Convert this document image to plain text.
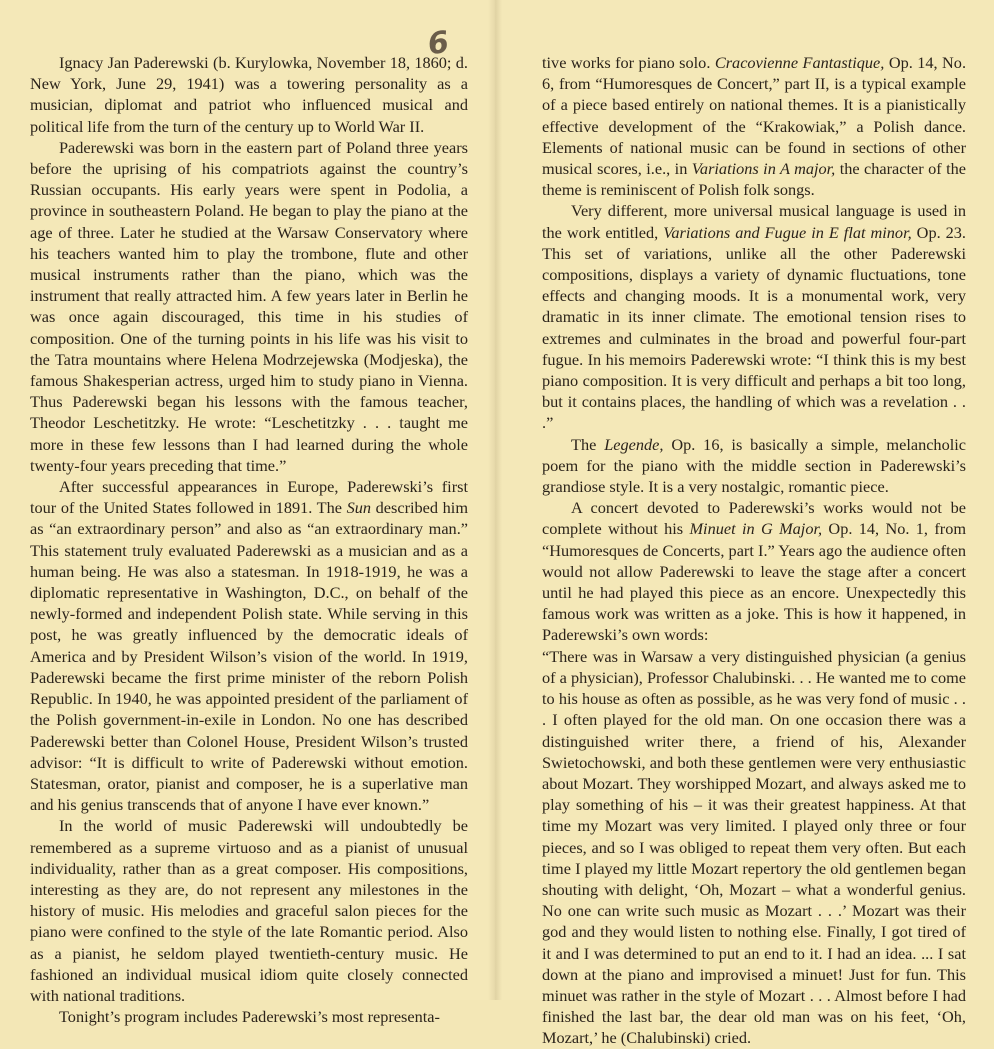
6

Ignacy Jan Paderewski (b. Kurylowka, November 18, 1860; d. New York, June 29, 1941) was a towering personality as a musician, diplomat and patriot who influenced musical and political life from the turn of the century up to World War II.

Paderewski was born in the eastern part of Poland three years before the uprising of his compatriots against the country’s Russian occupants. His early years were spent in Podolia, a province in southeastern Poland. He began to play the piano at the age of three. Later he studied at the Warsaw Conservatory where his teachers wanted him to play the trombone, flute and other musical instruments rather than the piano, which was the instrument that really attracted him. A few years later in Berlin he was once again discouraged, this time in his studies of composition. One of the turning points in his life was his visit to the Tatra mountains where Helena Modrzejewska (Modjeska), the famous Shakesperian actress, urged him to study piano in Vienna. Thus Paderewski began his lessons with the famous teacher, Theodor Leschetitzky. He wrote: “Leschetitzky . . . taught me more in these few lessons than I had learned during the whole twenty-four years preceding that time.”

After successful appearances in Europe, Paderewski’s first tour of the United States followed in 1891. The Sun described him as “an extraordinary person” and also as “an extraordinary man.” This statement truly evaluated Paderewski as a musician and as a human being. He was also a statesman. In 1918-1919, he was a diplomatic representative in Washington, D.C., on behalf of the newly-formed and independent Polish state. While serving in this post, he was greatly influenced by the democratic ideals of America and by President Wilson’s vision of the world. In 1919, Paderewski became the first prime minister of the reborn Polish Republic. In 1940, he was appointed president of the parliament of the Polish government-in-exile in London. No one has described Paderewski better than Colonel House, President Wilson’s trusted advisor: “It is difficult to write of Paderewski without emotion. Statesman, orator, pianist and composer, he is a superlative man and his genius transcends that of anyone I have ever known.”

In the world of music Paderewski will undoubtedly be remembered as a supreme virtuoso and as a pianist of unusual individuality, rather than as a great composer. His compositions, interesting as they are, do not represent any milestones in the history of music. His melodies and graceful salon pieces for the piano were confined to the style of the late Romantic period. Also as a pianist, he seldom played twentieth-century music. He fashioned an individual musical idiom quite closely connected with national traditions.

Tonight’s program includes Paderewski’s most representa-

tive works for piano solo. Cracovienne Fantastique, Op. 14, No. 6, from “Humoresques de Concert,” part II, is a typical example of a piece based entirely on national themes. It is a pianistically effective development of the “Krakowiak,” a Polish dance. Elements of national music can be found in sections of other musical scores, i.e., in Variations in A major, the character of the theme is reminiscent of Polish folk songs.

Very different, more universal musical language is used in the work entitled, Variations and Fugue in E flat minor, Op. 23. This set of variations, unlike all the other Paderewski compositions, displays a variety of dynamic fluctuations, tone effects and changing moods. It is a monumental work, very dramatic in its inner climate. The emotional tension rises to extremes and culminates in the broad and powerful four-part fugue. In his memoirs Paderewski wrote: “I think this is my best piano composition. It is very difficult and perhaps a bit too long, but it contains places, the handling of which was a revelation . . .”

The Legende, Op. 16, is basically a simple, melancholic poem for the piano with the middle section in Paderewski’s grandiose style. It is a very nostalgic, romantic piece.

A concert devoted to Paderewski’s works would not be complete without his Minuet in G Major, Op. 14, No. 1, from “Humoresques de Concerts, part I.” Years ago the audience often would not allow Paderewski to leave the stage after a concert until he had played this piece as an encore. Unexpectedly this famous work was written as a joke. This is how it happened, in Paderewski’s own words:

“There was in Warsaw a very distinguished physician (a genius of a physician), Professor Chalubinski. . . He wanted me to come to his house as often as possible, as he was very fond of music . . . I often played for the old man. On one occasion there was a distinguished writer there, a friend of his, Alexander Swietochowski, and both these gentlemen were very enthusiastic about Mozart. They worshipped Mozart, and always asked me to play something of his – it was their greatest happiness. At that time my Mozart was very limited. I played only three or four pieces, and so I was obliged to repeat them very often. But each time I played my little Mozart repertory the old gentlemen began shouting with delight, ‘Oh, Mozart – what a wonderful genius. No one can write such music as Mozart . . .’ Mozart was their god and they would listen to nothing else. Finally, I got tired of it and I was determined to put an end to it. I had an idea. ... I sat down at the piano and improvised a minuet! Just for fun. This minuet was rather in the style of Mozart . . . Almost before I had finished the last bar, the dear old man was on his feet, ‘Oh, Mozart,’ he (Chalubinski) cried.
